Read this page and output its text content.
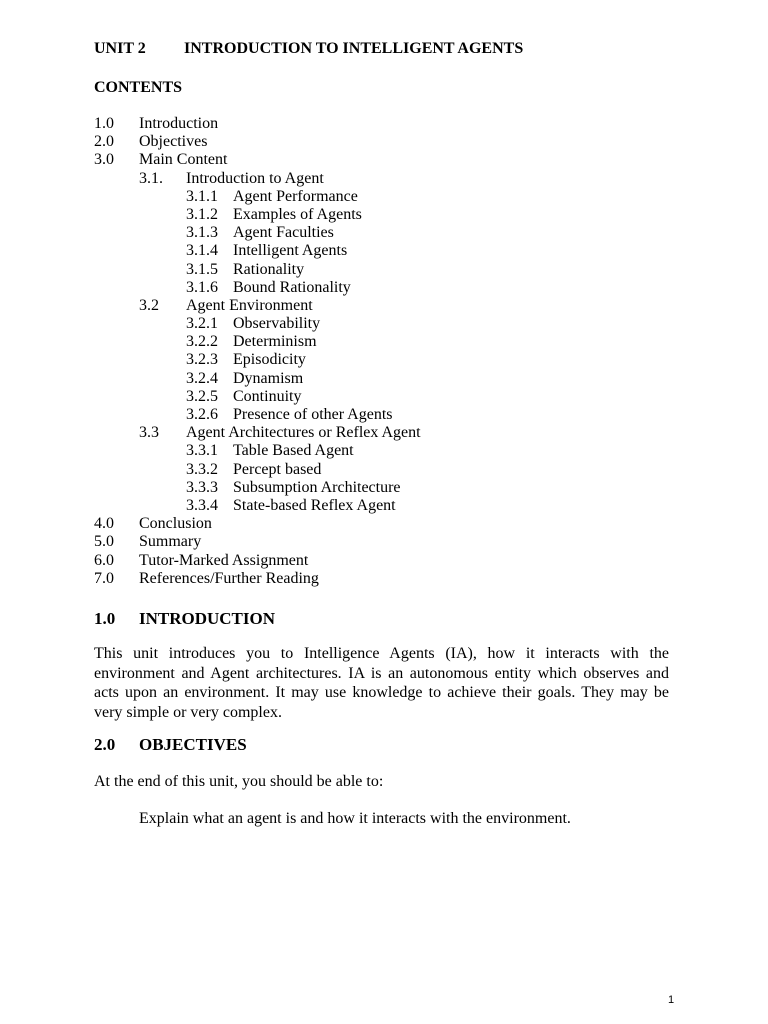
UNIT 2 INTRODUCTION TO INTELLIGENT AGENTS
CONTENTS
1.0 Introduction
2.0 Objectives
3.0 Main Content
3.1. Introduction to Agent
3.1.1 Agent Performance
3.1.2 Examples of Agents
3.1.3 Agent Faculties
3.1.4 Intelligent Agents
3.1.5 Rationality
3.1.6 Bound Rationality
3.2 Agent Environment
3.2.1 Observability
3.2.2 Determinism
3.2.3 Episodicity
3.2.4 Dynamism
3.2.5 Continuity
3.2.6 Presence of other Agents
3.3 Agent Architectures or Reflex Agent
3.3.1 Table Based Agent
3.3.2 Percept based
3.3.3 Subsumption Architecture
3.3.4 State-based Reflex Agent
4.0 Conclusion
5.0 Summary
6.0 Tutor-Marked Assignment
7.0 References/Further Reading
1.0 INTRODUCTION
This unit introduces you to Intelligence Agents (IA), how it interacts with the environment and Agent architectures. IA is an autonomous entity which observes and acts upon an environment. It may use knowledge to achieve their goals. They may be very simple or very complex.
2.0 OBJECTIVES
At the end of this unit, you should be able to:
Explain what an agent is and how it interacts with the environment.
1
